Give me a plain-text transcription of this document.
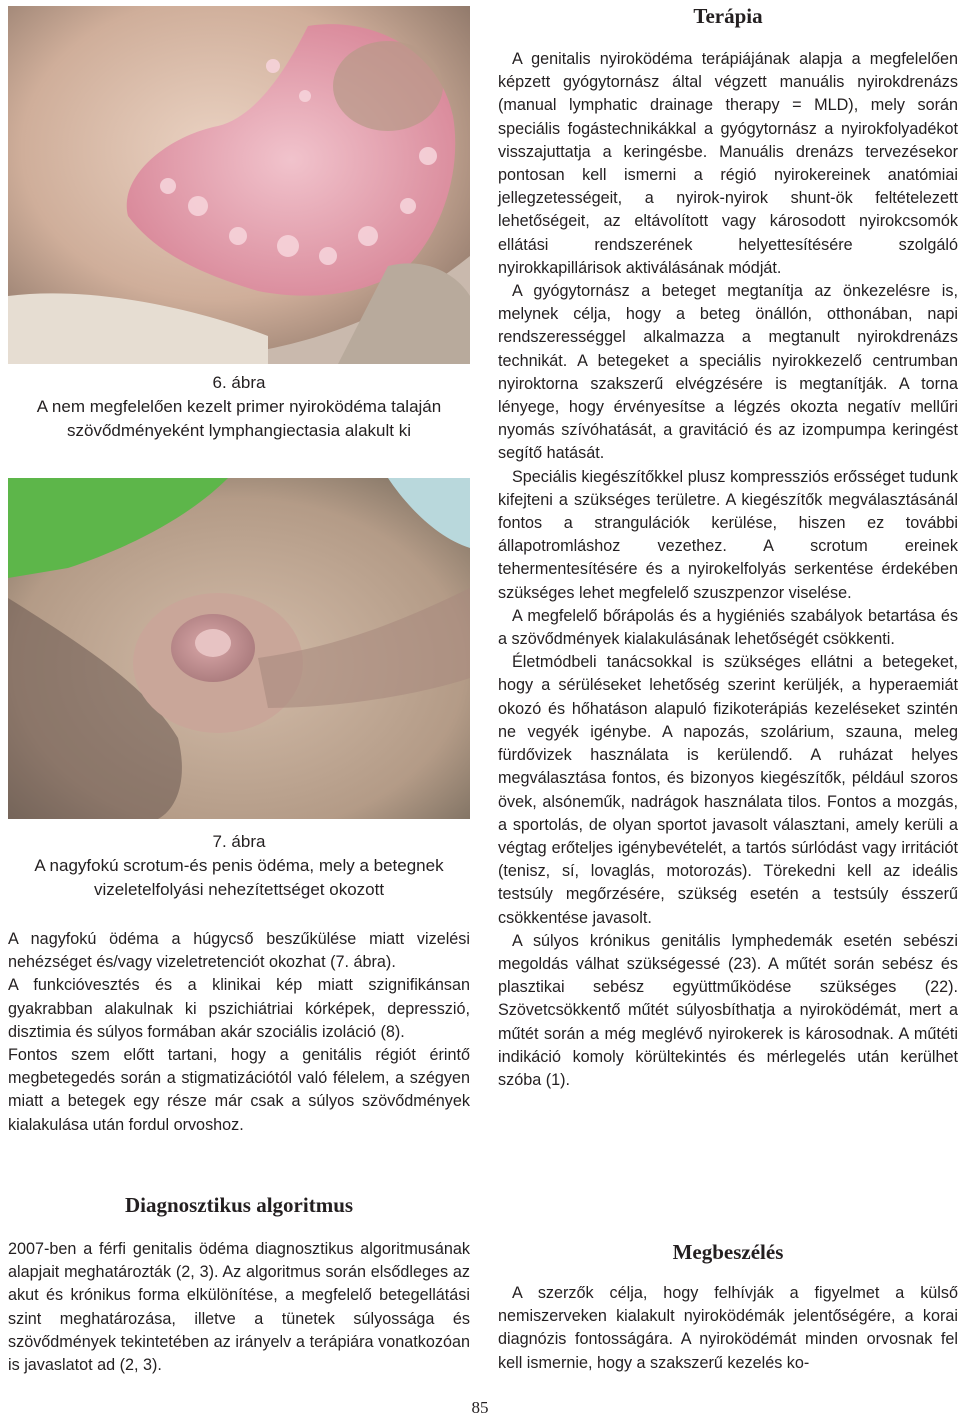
6. ábra
A nem megfelelően kezelt primer nyiroködéma talaján szövődményeként lymphangiectasia alakult ki
7. ábra
A nagyfokú scrotum-és penis ödéma, mely a betegnek vizeletelfolyási nehezítettséget okozott

A nagyfokú ödéma a húgycső beszűkülése miatt vizelési nehézséget és/vagy vizeletretenciót okozhat (7. ábra).

A funkcióvesztés és a klinikai kép miatt szignifikánsan gyakrabban alakulnak ki pszichiátriai kórképek, depresszió, disztimia és súlyos formában akár szociális izoláció (8).

Fontos szem előtt tartani, hogy a genitális régiót érintő megbetegedés során a stigmatizációtól való félelem, a szégyen miatt a betegek egy része már csak a súlyos szövődmények kialakulása után fordul orvoshoz.

Diagnosztikus algoritmus

2007-ben a férfi genitalis ödéma diagnosztikus algoritmusának alapjait meghatározták (2, 3). Az algoritmus során elsődleges az akut és krónikus forma elkülönítése, a megfelelő betegellátási szint meghatározása, illetve a tünetek súlyossága és szövődmények tekintetében az irányelv a terápiára vonatkozóan is javaslatot ad (2, 3).

Terápia

A genitalis nyiroködéma terápiájának alapja a megfelelően képzett gyógytornász által végzett manuális nyirokdrenázs (manual lymphatic drainage therapy = MLD), mely során speciális fogástechnikákkal a gyógytornász a nyirokfolyadékot visszajuttatja a keringésbe. Manuális drenázs tervezésekor pontosan kell ismerni a régió nyirokereinek anatómiai jellegzetességeit, a nyirok-nyirok shunt-ök feltételezett lehetőségeit, az eltávolított vagy károsodott nyirokcsomók ellátási rendszerének helyettesítésére szolgáló nyirokkapillárisok aktiválásának módját.

A gyógytornász a beteget megtanítja az önkezelésre is, melynek célja, hogy a beteg önállón, otthonában, napi rendszerességgel alkalmazza a megtanult nyirokdrenázs technikát. A betegeket a speciális nyirokkezelő centrumban nyiroktorna szakszerű elvégzésére is megtanítják. A torna lényege, hogy érvényesítse a légzés okozta negatív mellűri nyomás szívóhatását, a gravitáció és az izompumpa keringést segítő hatását.

Speciális kiegészítőkkel plusz kompressziós erősséget tudunk kifejteni a szükséges területre. A kiegészítők megválasztásánál fontos a strangulációk kerülése, hiszen ez további állapotromláshoz vezethez. A scrotum ereinek tehermentesítésére és a nyirokelfolyás serkentése érdekében szükséges lehet megfelelő szuszpenzor viselése.

A megfelelő bőrápolás és a hygiéniés szabályok betartása és a szövődmények kialakulásának lehetőségét csökkenti.

Életmódbeli tanácsokkal is szükséges ellátni a betegeket, hogy a sérüléseket lehetőség szerint kerüljék, a hyperaemiát okozó és hőhatáson alapuló fizikoterápiás kezeléseket szintén ne vegyék igénybe. A napozás, szolárium, szauna, meleg fürdővizek használata is kerülendő. A ruházat helyes megválasztása fontos, és bizonyos kiegészítők, például szoros övek, alsóneműk, nadrágok használata tilos. Fontos a mozgás, a sportolás, de olyan sportot javasolt választani, amely kerüli a végtag erőteljes igénybevételét, a tartós súrlódást vagy irritációt (tenisz, sí, lovaglás, motorozás). Törekedni kell az ideális testsúly megőrzésére, szükség esetén a testsúly ésszerű csökkentése javasolt.

A súlyos krónikus genitális lymphedemák esetén sebészi megoldás válhat szükségessé (23). A műtét során sebész és plasztikai sebész együttműködése szükséges (22). Szövetcsökkentő műtét súlyosbíthatja a nyiroködémát, mert a műtét során a még meglévő nyirokerek is károsodnak. A műtéti indikáció komoly körültekintés és mérlegelés után kerülhet szóba (1).

Megbeszélés

A szerzők célja, hogy felhívják a figyelmet a külső nemiszerveken kialakult nyiroködémák jelentőségére, a korai diagnózis fontosságára. A nyiroködémát minden orvosnak fel kell ismernie, hogy a szakszerű kezelés ko-

85
